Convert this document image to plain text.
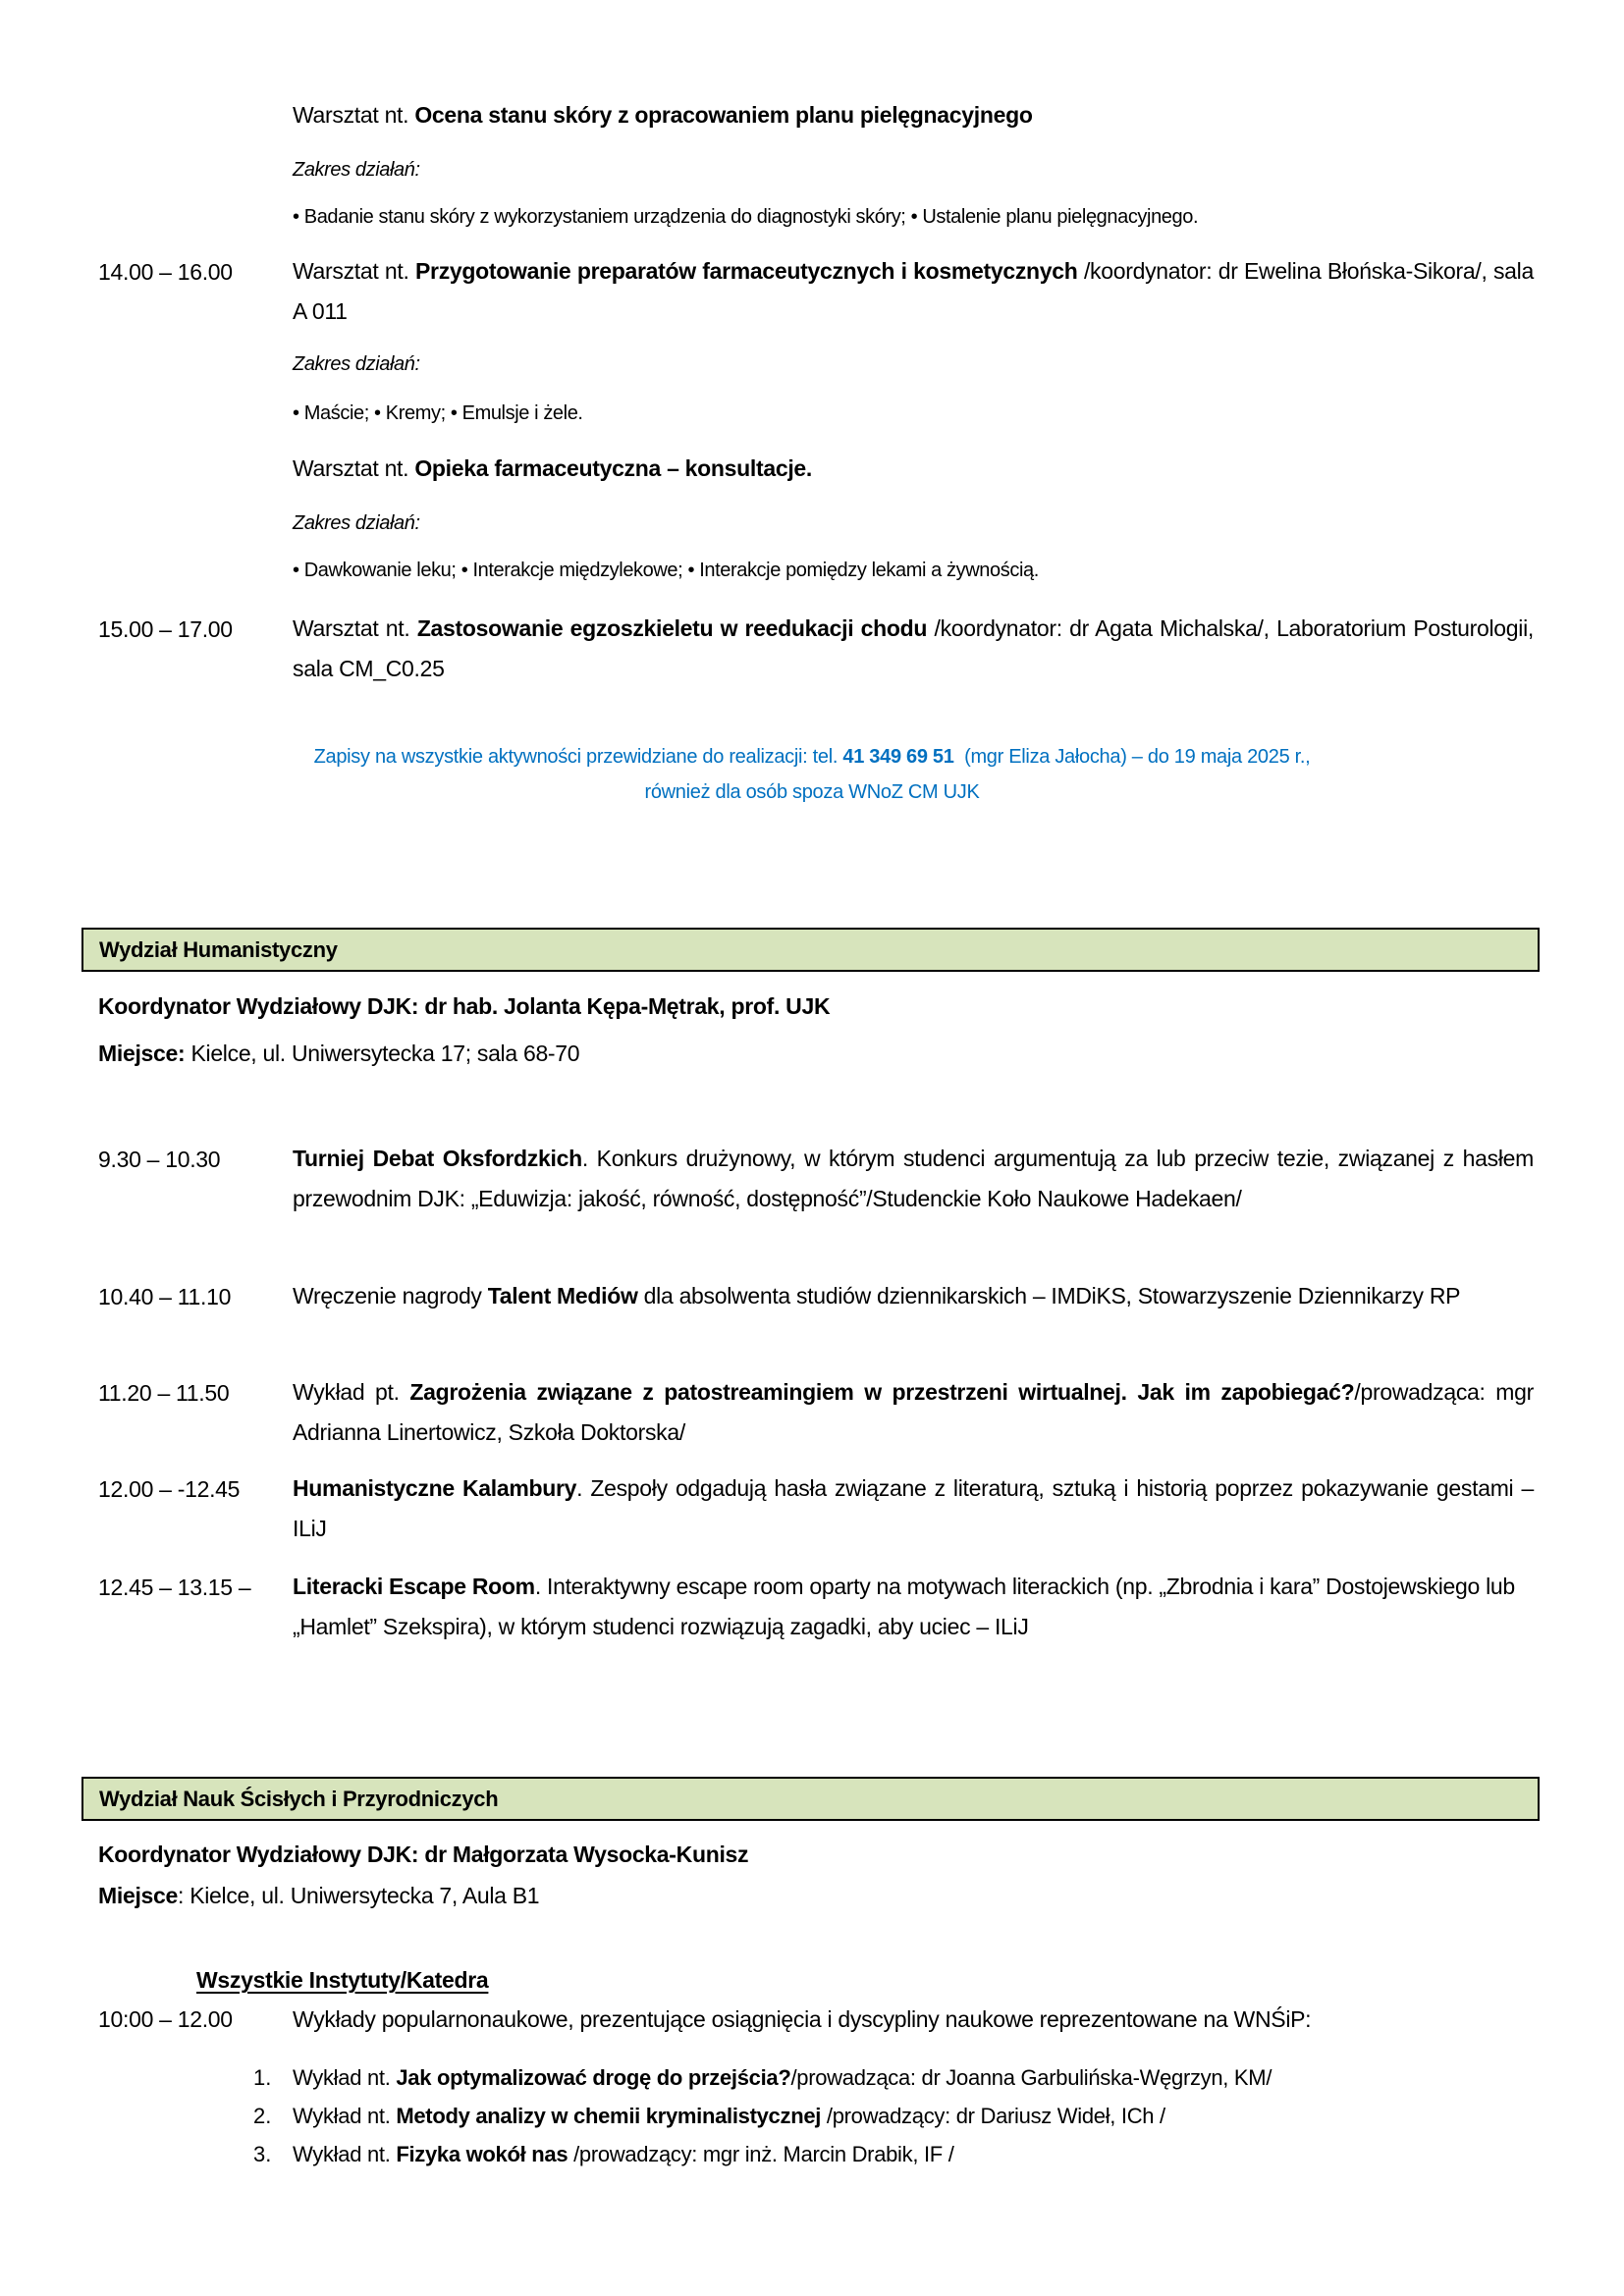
Warsztat nt. Ocena stanu skóry z opracowaniem planu pielęgnacyjnego
Zakres działań:
• Badanie stanu skóry z wykorzystaniem urządzenia do diagnostyki skóry; • Ustalenie planu pielęgnacyjnego.
14.00 – 16.00	Warsztat nt. Przygotowanie preparatów farmaceutycznych i kosmetycznych /koordynator: dr Ewelina Błońska-Sikora/, sala A 011
Zakres działań:
• Maście; • Kremy; • Emulsje i żele.
Warsztat nt. Opieka farmaceutyczna – konsultacje.
Zakres działań:
• Dawkowanie leku; • Interakcje międzylekowe; • Interakcje pomiędzy lekami a żywnością.
15.00 – 17.00	Warsztat nt. Zastosowanie egzoszkieletu w reedukacji chodu /koordynator: dr Agata Michalska/, Laboratorium Posturologii, sala CM_C0.25
Zapisy na wszystkie aktywności przewidziane do realizacji: tel. 41 349 69 51  (mgr Eliza Jałocha) – do 19 maja 2025 r.,
również dla osób spoza WNoZ CM UJK
Wydział Humanistyczny
Koordynator Wydziałowy DJK: dr hab. Jolanta Kępa-Mętrak, prof. UJK
Miejsce: Kielce, ul. Uniwersytecka 17; sala 68-70
9.30 – 10.30	Turniej Debat Oksfordzkich. Konkurs drużynowy, w którym studenci argumentują za lub przeciw tezie, związanej z hasłem przewodnim DJK: „Eduwizja: jakość, równość, dostępność”/Studenckie Koło Naukowe Hadekaen/
10.40 – 11.10	Wręczenie nagrody Talent Mediów dla absolwenta studiów dziennikarskich – IMDiKS, Stowarzyszenie Dziennikarzy RP
11.20 – 11.50	Wykład pt. Zagrożenia związane z patostreamingiem w przestrzeni wirtualnej. Jak im zapobiegać?/prowadząca: mgr Adrianna Linertowicz, Szkoła Doktorska/
12.00 – -12.45 Humanistyczne Kalambury. Zespoły odgadują hasła związane z literaturą, sztuką i historią poprzez pokazywanie gestami – ILiJ
12.45 – 13.15 – Literacki Escape Room. Interaktywny escape room oparty na motywach literackich (np. „Zbrodnia i kara” Dostojewskiego lub „Hamlet” Szekspira), w którym studenci rozwiązują zagadki, aby uciec – ILiJ
Wydział Nauk Ścisłych i Przyrodniczych
Koordynator Wydziałowy DJK: dr Małgorzata Wysocka-Kunisz
Miejsce: Kielce, ul. Uniwersytecka 7, Aula B1
Wszystkie Instytuty/Katedra
10:00 – 12.00	Wykłady popularnonaukowe, prezentujące osiągnięcia i dyscypliny naukowe reprezentowane na WNŚiP:
1. Wykład nt. Jak optymalizować drogę do przejścia?/prowadząca: dr Joanna Garbulińska-Węgrzyn, KM/
2. Wykład nt. Metody analizy w chemii kryminalistycznej /prowadzący: dr Dariusz Wideł, ICh /
3. Wykład nt. Fizyka wokół nas /prowadzący: mgr inż. Marcin Drabik, IF /
